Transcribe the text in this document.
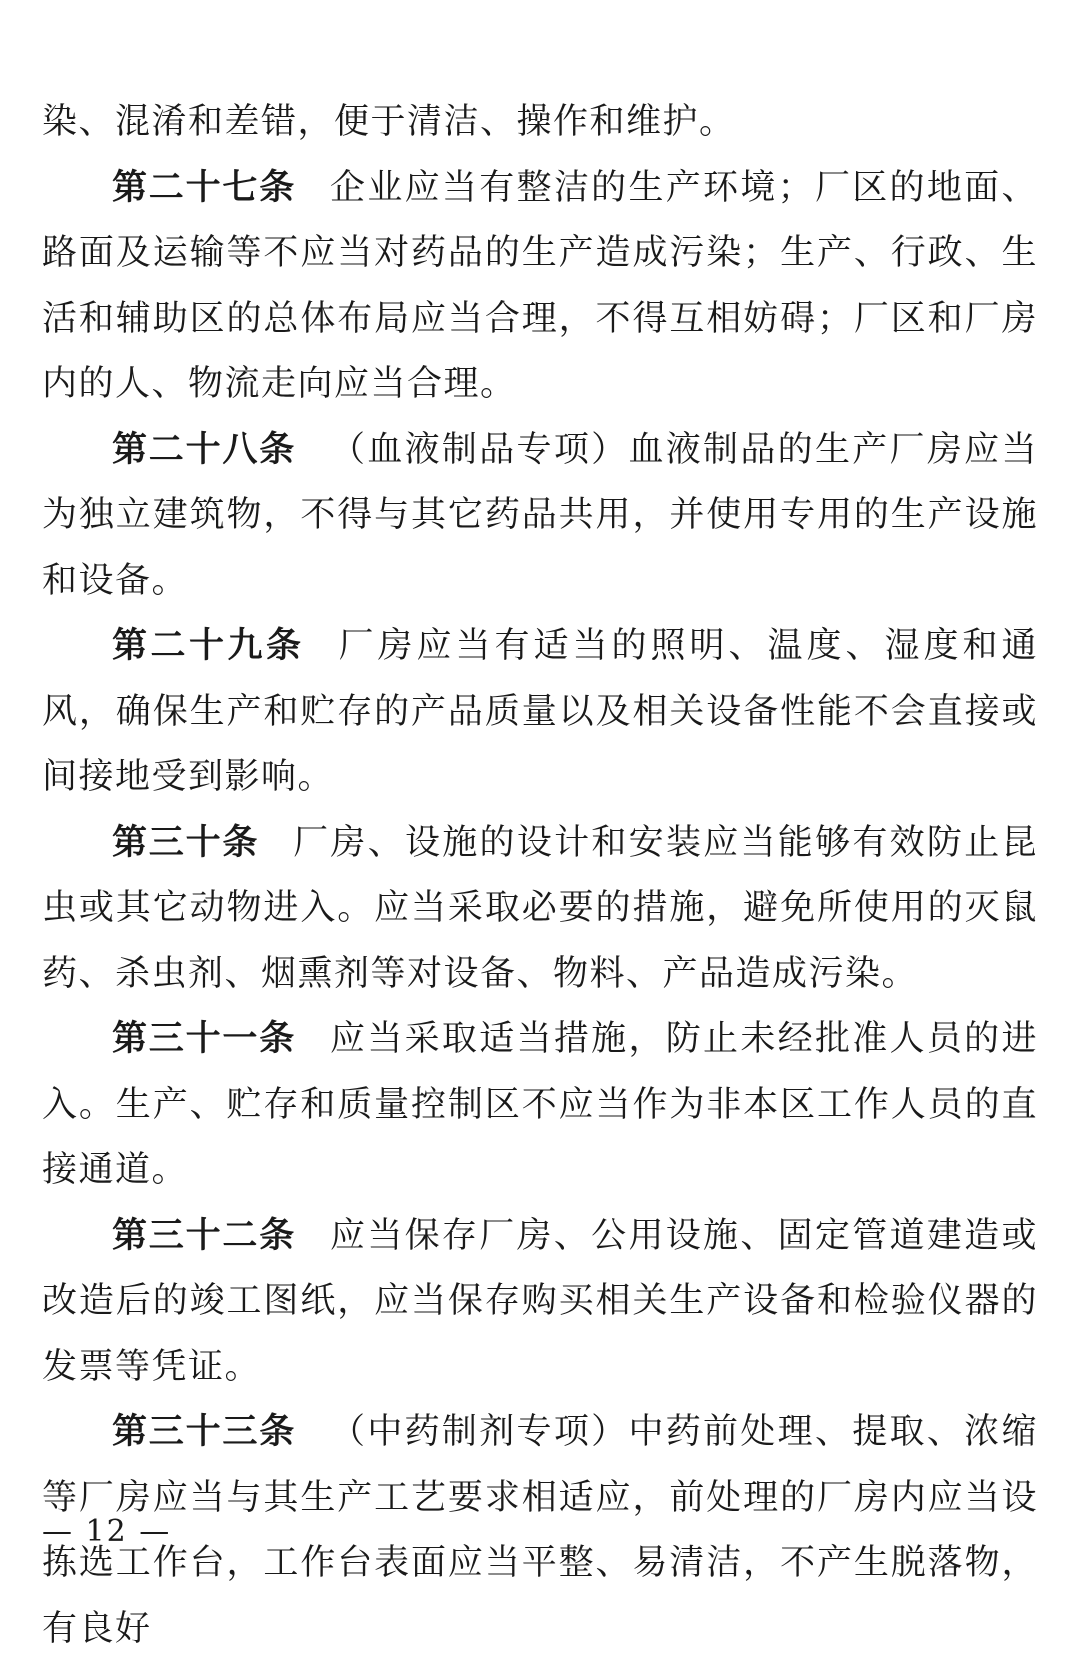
染、混淆和差错，便于清洁、操作和维护。

第二十七条 企业应当有整洁的生产环境；厂区的地面、路面及运输等不应当对药品的生产造成污染；生产、行政、生活和辅助区的总体布局应当合理，不得互相妨碍；厂区和厂房内的人、物流走向应当合理。

第二十八条 （血液制品专项）血液制品的生产厂房应当为独立建筑物，不得与其它药品共用，并使用专用的生产设施和设备。

第二十九条 厂房应当有适当的照明、温度、湿度和通风，确保生产和贮存的产品质量以及相关设备性能不会直接或间接地受到影响。

第三十条 厂房、设施的设计和安装应当能够有效防止昆虫或其它动物进入。应当采取必要的措施，避免所使用的灭鼠药、杀虫剂、烟熏剂等对设备、物料、产品造成污染。

第三十一条 应当采取适当措施，防止未经批准人员的进入。生产、贮存和质量控制区不应当作为非本区工作人员的直接通道。

第三十二条 应当保存厂房、公用设施、固定管道建造或改造后的竣工图纸，应当保存购买相关生产设备和检验仪器的发票等凭证。

第三十三条 （中药制剂专项）中药前处理、提取、浓缩等厂房应当与其生产工艺要求相适应，前处理的厂房内应当设拣选工作台，工作台表面应当平整、易清洁，不产生脱落物，有良好

— 12 —
